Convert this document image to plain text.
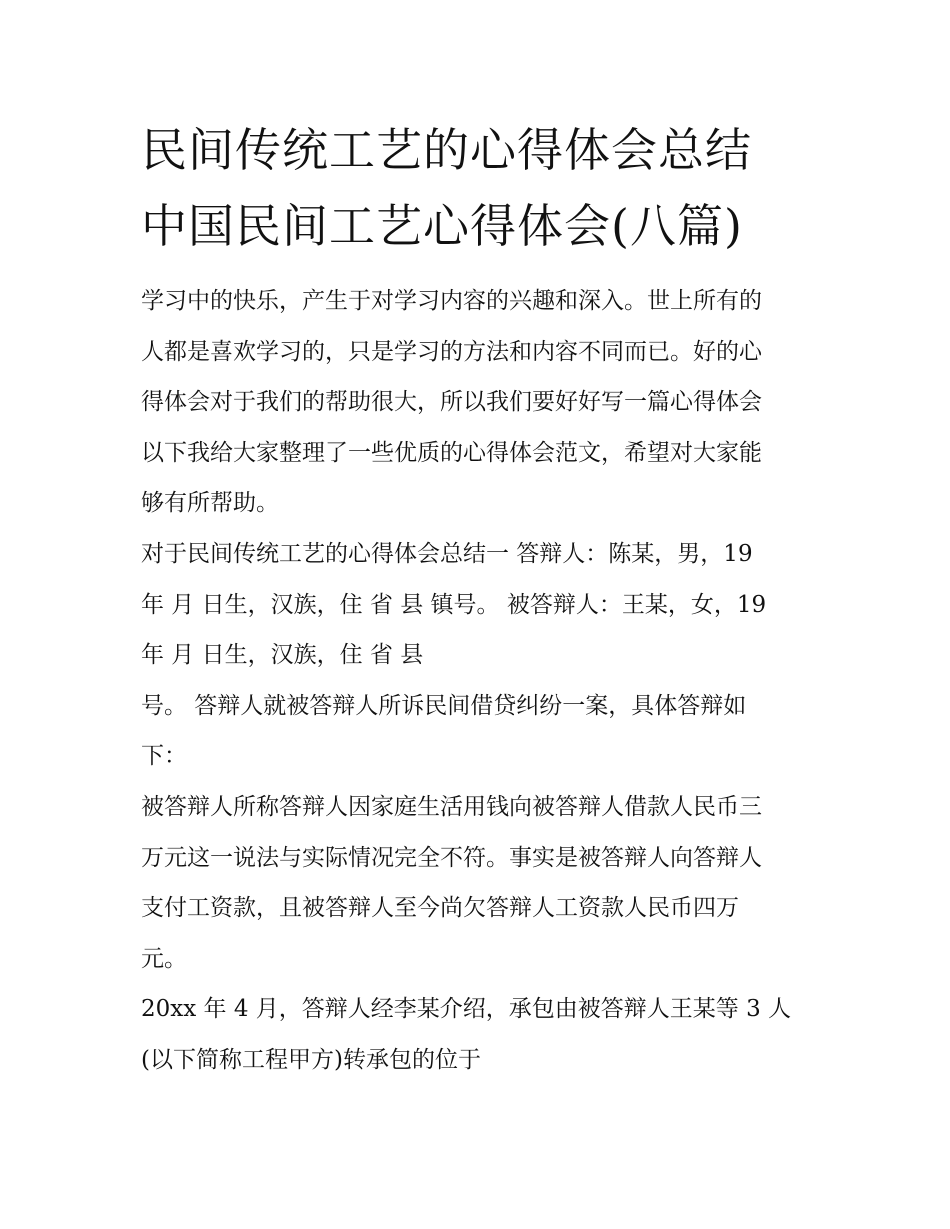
民间传统工艺的心得体会总结
中国民间工艺心得体会(八篇)

学习中的快乐，产生于对学习内容的兴趣和深入。世上所有的
人都是喜欢学习的，只是学习的方法和内容不同而已。好的心
得体会对于我们的帮助很大，所以我们要好好写一篇心得体会
以下我给大家整理了一些优质的心得体会范文，希望对大家能
够有所帮助。

对于民间传统工艺的心得体会总结一 答辩人：陈某，男，19
年 月 日生，汉族，住 省 县 镇号。 被答辩人：王某，女，19
年 月 日生，汉族，住 省 县

号。 答辩人就被答辩人所诉民间借贷纠纷一案，具体答辩如
下：

被答辩人所称答辩人因家庭生活用钱向被答辩人借款人民币三
万元这一说法与实际情况完全不符。事实是被答辩人向答辩人
支付工资款，且被答辩人至今尚欠答辩人工资款人民币四万
元。

20xx 年 4 月，答辩人经李某介绍，承包由被答辩人王某等 3 人
(以下简称工程甲方)转承包的位于
